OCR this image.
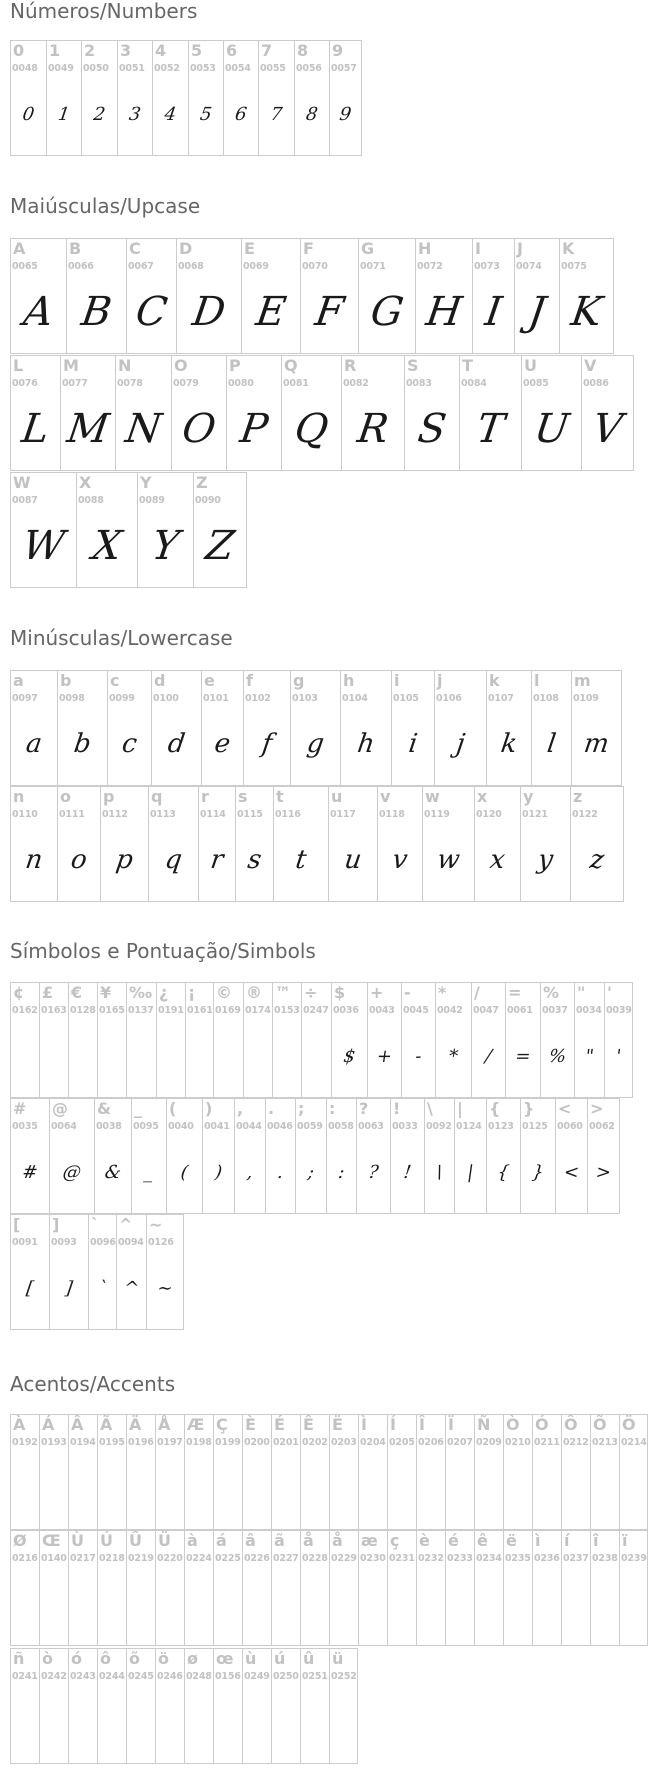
Números/Numbers
0
0048
0
1
0049
1
2
0050
2
3
0051
3
4
0052
4
5
0053
5
6
0054
6
7
0055
7
8
0056
8
9
0057
9
Maiúsculas/Upcase
A
0065
A
B
0066
B
C
0067
C
D
0068
D
E
0069
E
F
0070
F
G
0071
G
H
0072
H
I
0073
I
J
0074
J
K
0075
K
L
0076
L
M
0077
M
N
0078
N
O
0079
O
P
0080
P
Q
0081
Q
R
0082
R
S
0083
S
T
0084
T
U
0085
U
V
0086
V
W
0087
W
X
0088
X
Y
0089
Y
Z
0090
Z
Minúsculas/Lowercase
a
0097
a
b
0098
b
c
0099
c
d
0100
d
e
0101
e
f
0102
f
g
0103
g
h
0104
h
i
0105
i
j
0106
j
k
0107
k
l
0108
l
m
0109
m
n
0110
n
o
0111
o
p
0112
p
q
0113
q
r
0114
r
s
0115
s
t
0116
t
u
0117
u
v
0118
v
w
0119
w
x
0120
x
y
0121
y
z
0122
z
Símbolos e Pontuação/Simbols
¢
0162
£
0163
€
0128
¥
0165
‰
0137
¿
0191
¡
0161
©
0169
®
0174
™
0153
÷
0247
$
0036
$
+
0043
+
-
0045
-
*
0042
*
/
0047
/
=
0061
=
%
0037
%
"
0034
"
'
0039
'
#
0035
#
@
0064
@
&
0038
&
_
0095
_
(
0040
(
)
0041
)
,
0044
,
.
0046
.
;
0059
;
:
0058
:
?
0063
?
!
0033
!
\
0092
\
|
0124
|
{
0123
{
}
0125
}
<
0060
<
>
0062
>
[
0091
[
]
0093
]
`
0096
`
^
0094
^
~
0126
~
Acentos/Accents
À
0192
Á
0193
Â
0194
Ã
0195
Ä
0196
Å
0197
Æ
0198
Ç
0199
È
0200
É
0201
Ê
0202
Ë
0203
Ì
0204
Í
0205
Î
0206
Ï
0207
Ñ
0209
Ò
0210
Ó
0211
Ô
0212
Õ
0213
Ö
0214
Ø
0216
Œ
0140
Ù
0217
Ú
0218
Û
0219
Ü
0220
à
0224
á
0225
â
0226
ã
0227
å
0228
å
0229
æ
0230
ç
0231
è
0232
é
0233
ê
0234
ë
0235
ì
0236
í
0237
î
0238
ï
0239
ñ
0241
ò
0242
ó
0243
ô
0244
õ
0245
ö
0246
ø
0248
œ
0156
ù
0249
ú
0250
û
0251
ü
0252
